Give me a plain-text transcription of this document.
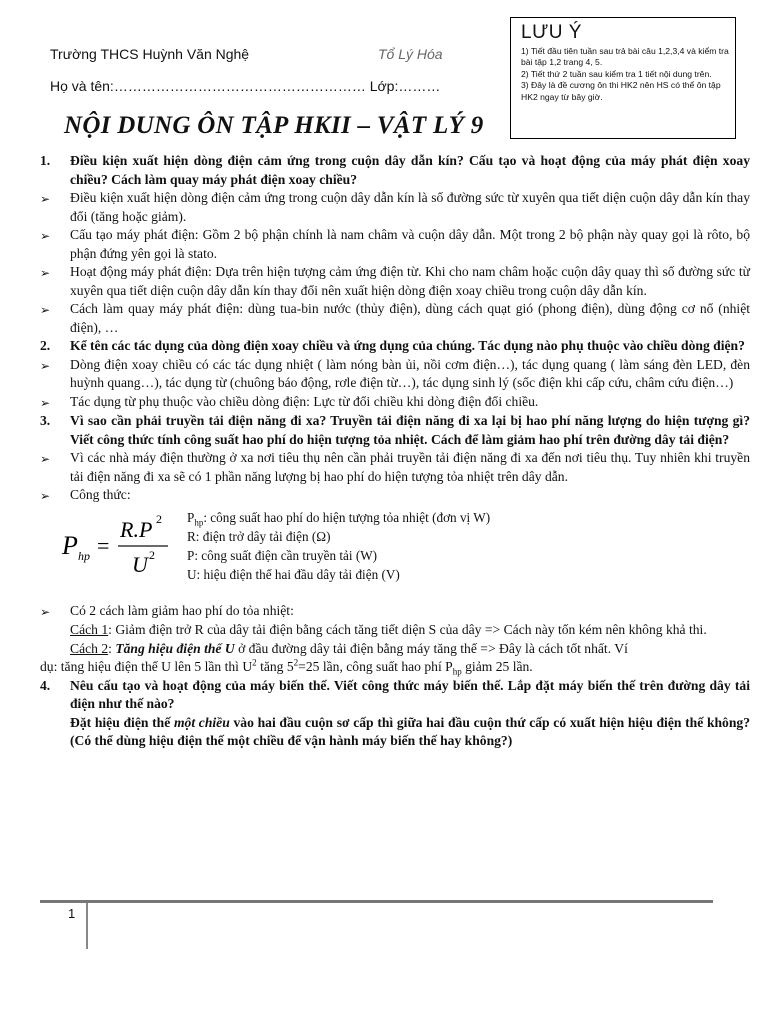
LƯU Ý
1) Tiết đầu tiên tuần sau trả bài câu 1,2,3,4 và kiểm tra bài tập 1,2 trang 4, 5.
2) Tiết thứ 2 tuần sau kiểm tra 1 tiết nội dung trên.
3) Đây là đề cương ôn thi HK2 nên HS có thể ôn tập HK2 ngay từ bây giờ.
Trường THCS Huỳnh Văn Nghệ	Tổ Lý Hóa
Họ và tên:……………………………………………… Lớp:………
NỘI DUNG ÔN TẬP HKII – VẬT LÝ 9
1.	Điều kiện xuất hiện dòng điện cảm ứng trong cuộn dây dẫn kín? Cấu tạo và hoạt động của máy phát điện xoay chiều? Cách làm quay máy phát điện xoay chiều?
➢	Điều kiện xuất hiện dòng điện cảm ứng trong cuộn dây dẫn kín là số đường sức từ xuyên qua tiết diện cuộn dây dẫn kín thay đổi (tăng hoặc giảm).
➢	Cấu tạo máy phát điện: Gồm 2 bộ phận chính là nam châm và cuộn dây dẫn. Một trong 2 bộ phận này quay gọi là rôto, bộ phận đứng yên gọi là stato.
➢	Hoạt động máy phát điện: Dựa trên hiện tượng cảm ứng điện từ. Khi cho nam châm hoặc cuộn dây quay thì số đường sức từ xuyên qua tiết diện cuộn dây dẫn kín thay đổi nên xuất hiện dòng điện xoay chiều trong cuộn dây dẫn kín.
➢	Cách làm quay máy phát điện: dùng tua-bin nước (thủy điện), dùng cách quạt gió (phong điện), dùng động cơ nổ (nhiệt điện), …
2.	Kể tên các tác dụng của dòng điện xoay chiều và ứng dụng của chúng. Tác dụng nào phụ thuộc vào chiều dòng điện?
➢	Dòng điện xoay chiều có các tác dụng nhiệt ( làm nóng bàn ủi, nồi cơm điện…), tác dụng quang ( làm sáng đèn LED, đèn huỳnh quang…), tác dụng từ (chuông báo động, rơle điện từ…), tác dụng sinh lý (sốc điện khi cấp cứu, châm cứu điện…)
➢	Tác dụng từ phụ thuộc vào chiều dòng điện: Lực từ đổi chiều khi dòng điện đổi chiều.
3.	Vì sao cần phải truyền tải điện năng đi xa? Truyền tải điện năng đi xa lại bị hao phí năng lượng do hiện tượng gì? Viết công thức tính công suất hao phí do hiện tượng tỏa nhiệt. Cách để làm giảm hao phí trên đường dây tải điện?
➢	Vì các nhà máy điện thường ở xa nơi tiêu thụ nên cần phải truyền tải điện năng đi xa đến nơi tiêu thụ. Tuy nhiên khi truyền tải điện năng đi xa sẽ có 1 phần năng lượng bị hao phí do hiện tượng tỏa nhiệt trên dây dẫn.
➢	Công thức:
P hp =
R.P 2
U 2
$P_{hp}$: công suất hao phí do hiện tượng tỏa nhiệt (đơn vị W)
R: điện trở dây tải điện (Ω)
P: công suất điện cần truyền tải (W)
U: hiệu điện thế hai đầu dây tải điện (V)
➢	Có 2 cách làm giảm hao phí do tỏa nhiệt:
Cách 1: Giảm điện trở R của dây tải điện bằng cách tăng tiết diện S của dây => Cách này tốn kém nên không khả thi.
Cách 2: Tăng hiệu điện thế U ở đầu đường dây tải điện bằng máy tăng thế => Đây là cách tốt nhất. Ví
dụ: tăng hiệu điện thế U lên 5 lần thì $U^2$ tăng $5^2=25$ lần, công suất hao phí $P_{hp}$ giảm 25 lần.
4.	Nêu cấu tạo và hoạt động của máy biến thế. Viết công thức máy biến thế. Lắp đặt máy biến thế trên đường dây tải điện như thế nào?
Đặt hiệu điện thế một chiều vào hai đầu cuộn sơ cấp thì giữa hai đầu cuộn thứ cấp có xuất hiện hiệu điện thế không? (Có thể dùng hiệu điện thế một chiều để vận hành máy biến thế hay không?)
1
